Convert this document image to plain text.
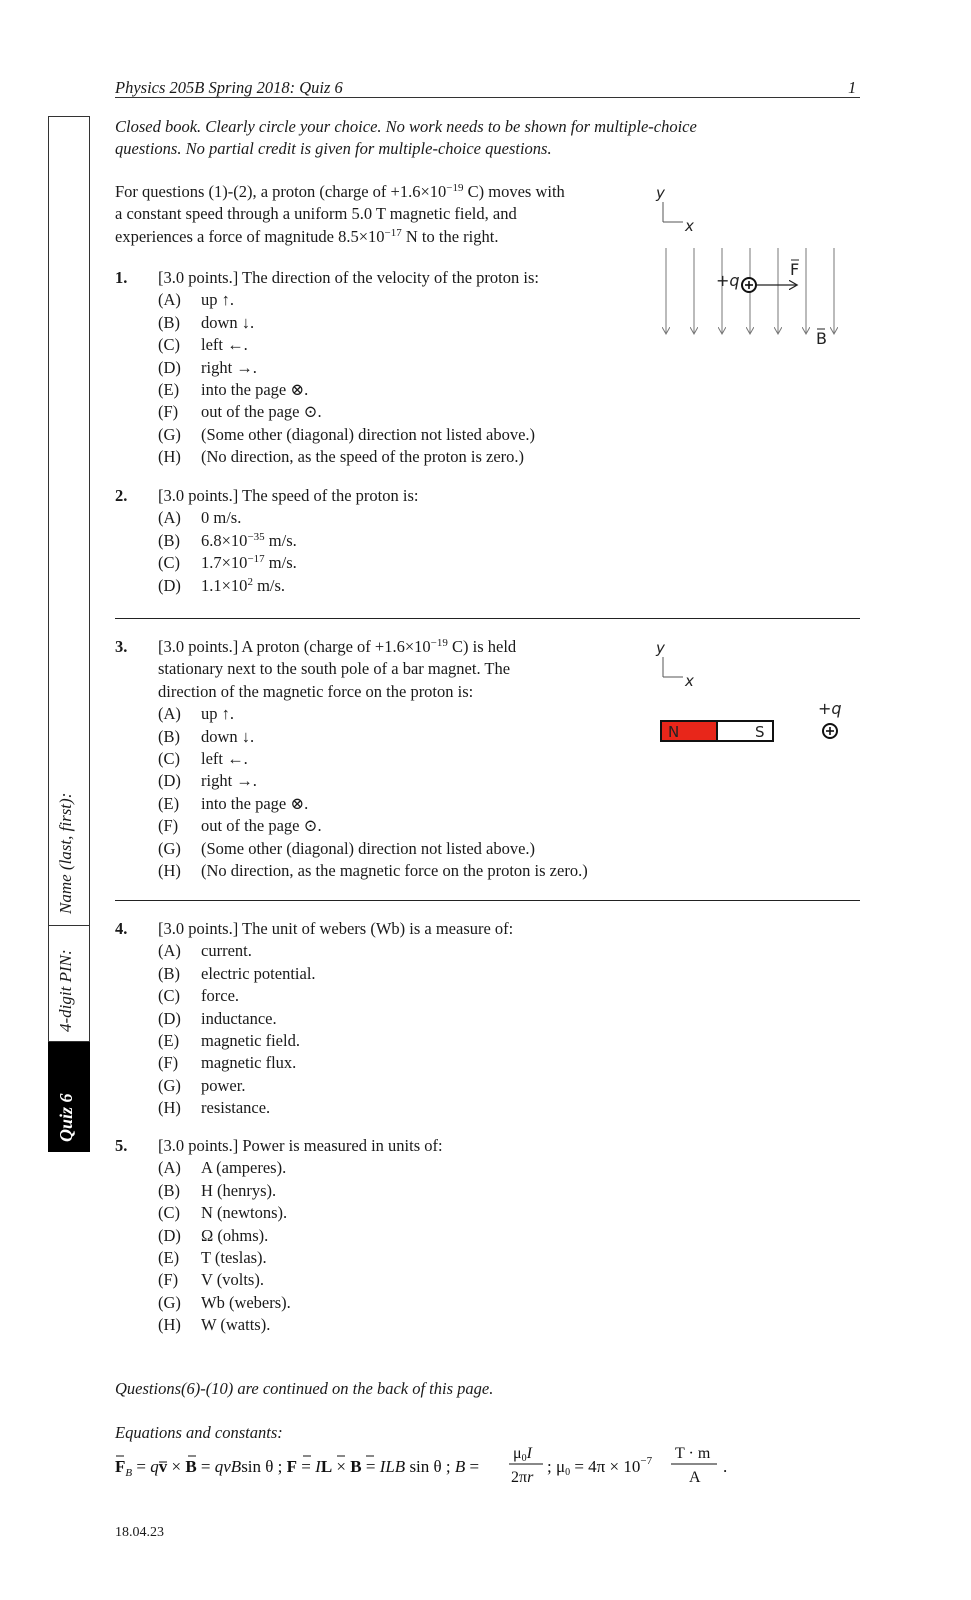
Physics 205B Spring 2018: Quiz 6	1
Name (last, first):
4-digit PIN:
Quiz 6
Closed book. Clearly circle your choice. No work needs to be shown for multiple-choice
questions. No partial credit is given for multiple-choice questions.
For questions (1)-(2), a proton (charge of $+1.6\times 10^{-19}$ C) moves with
a constant speed through a uniform 5.0 T magnetic field, and
experiences a force of magnitude $8.5\times 10^{-17}$ N to the right.
y
x
+q
F
B
1. [3.0 points.] The direction of the velocity of the proton is:
(A) up ↑.
(B) down ↓.
(C) left ←.
(D) right →.
(E) into the page ⊗.
(F) out of the page ⊙.
(G) (Some other (diagonal) direction not listed above.)
(H) (No direction, as the speed of the proton is zero.)
2. [3.0 points.] The speed of the proton is:
(A) 0 m/s.
(B) $6.8\times 10^{-35}$ m/s.
(C) $1.7\times 10^{-17}$ m/s.
(D) $1.1\times 10^2$ m/s.
y
x
N	S
+q
3. [3.0 points.] A proton (charge of $+1.6\times 10^{-19}$ C) is held
stationary next to the south pole of a bar magnet. The
direction of the magnetic force on the proton is:
(A) up ↑.
(B) down ↓.
(C) left ←.
(D) right →.
(E) into the page ⊗.
(F) out of the page ⊙.
(G) (Some other (diagonal) direction not listed above.)
(H) (No direction, as the magnetic force on the proton is zero.)
4. [3.0 points.] The unit of webers (Wb) is a measure of:
(A) current.
(B) electric potential.
(C) force.
(D) inductance.
(E) magnetic field.
(F) magnetic flux.
(G) power.
(H) resistance.
5. [3.0 points.] Power is measured in units of:
(A) A (amperes).
(B) H (henrys).
(C) N (newtons).
(D) Ω (ohms).
(E) T (teslas).
(F) V (volts).
(G) Wb (webers).
(H) W (watts).
Questions(6)-(10) are continued on the back of this page.
Equations and constants:
$F_B$ = qv × B = qvBsin θ ; F = IL × B = ILB sin θ ; B =
μ0I
2πr
; $\mu 0 = 4\pi \times 10^{-7}$ T · m
A
.
18.04.23
